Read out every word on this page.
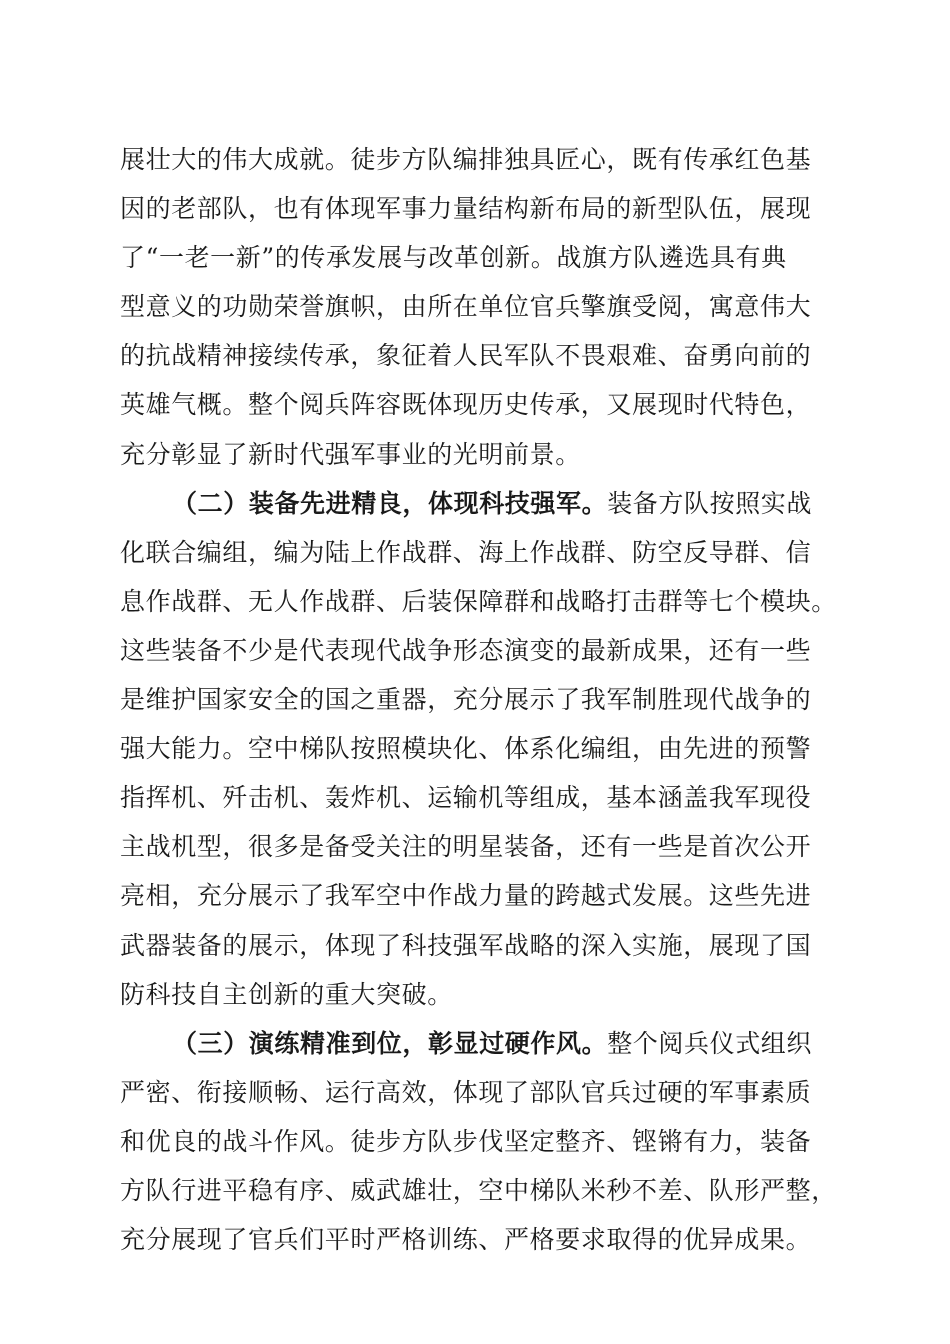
展壮大的伟大成就。徒步方队编排独具匠心，既有传承红色基
因的老部队，也有体现军事力量结构新布局的新型队伍，展现
了“一老一新”的传承发展与改革创新。战旗方队遴选具有典
型意义的功勋荣誉旗帜，由所在单位官兵擎旗受阅，寓意伟大
的抗战精神接续传承，象征着人民军队不畏艰难、奋勇向前的
英雄气概。整个阅兵阵容既体现历史传承，又展现时代特色，
充分彰显了新时代强军事业的光明前景。
（二）装备先进精良，体现科技强军。装备方队按照实战
化联合编组，编为陆上作战群、海上作战群、防空反导群、信
息作战群、无人作战群、后装保障群和战略打击群等七个模块。
这些装备不少是代表现代战争形态演变的最新成果，还有一些
是维护国家安全的国之重器，充分展示了我军制胜现代战争的
强大能力。空中梯队按照模块化、体系化编组，由先进的预警
指挥机、歼击机、轰炸机、运输机等组成，基本涵盖我军现役
主战机型，很多是备受关注的明星装备，还有一些是首次公开
亮相，充分展示了我军空中作战力量的跨越式发展。这些先进
武器装备的展示，体现了科技强军战略的深入实施，展现了国
防科技自主创新的重大突破。
（三）演练精准到位，彰显过硬作风。整个阅兵仪式组织
严密、衔接顺畅、运行高效，体现了部队官兵过硬的军事素质
和优良的战斗作风。徒步方队步伐坚定整齐、铿锵有力，装备
方队行进平稳有序、威武雄壮，空中梯队米秒不差、队形严整，
充分展现了官兵们平时严格训练、严格要求取得的优异成果。
